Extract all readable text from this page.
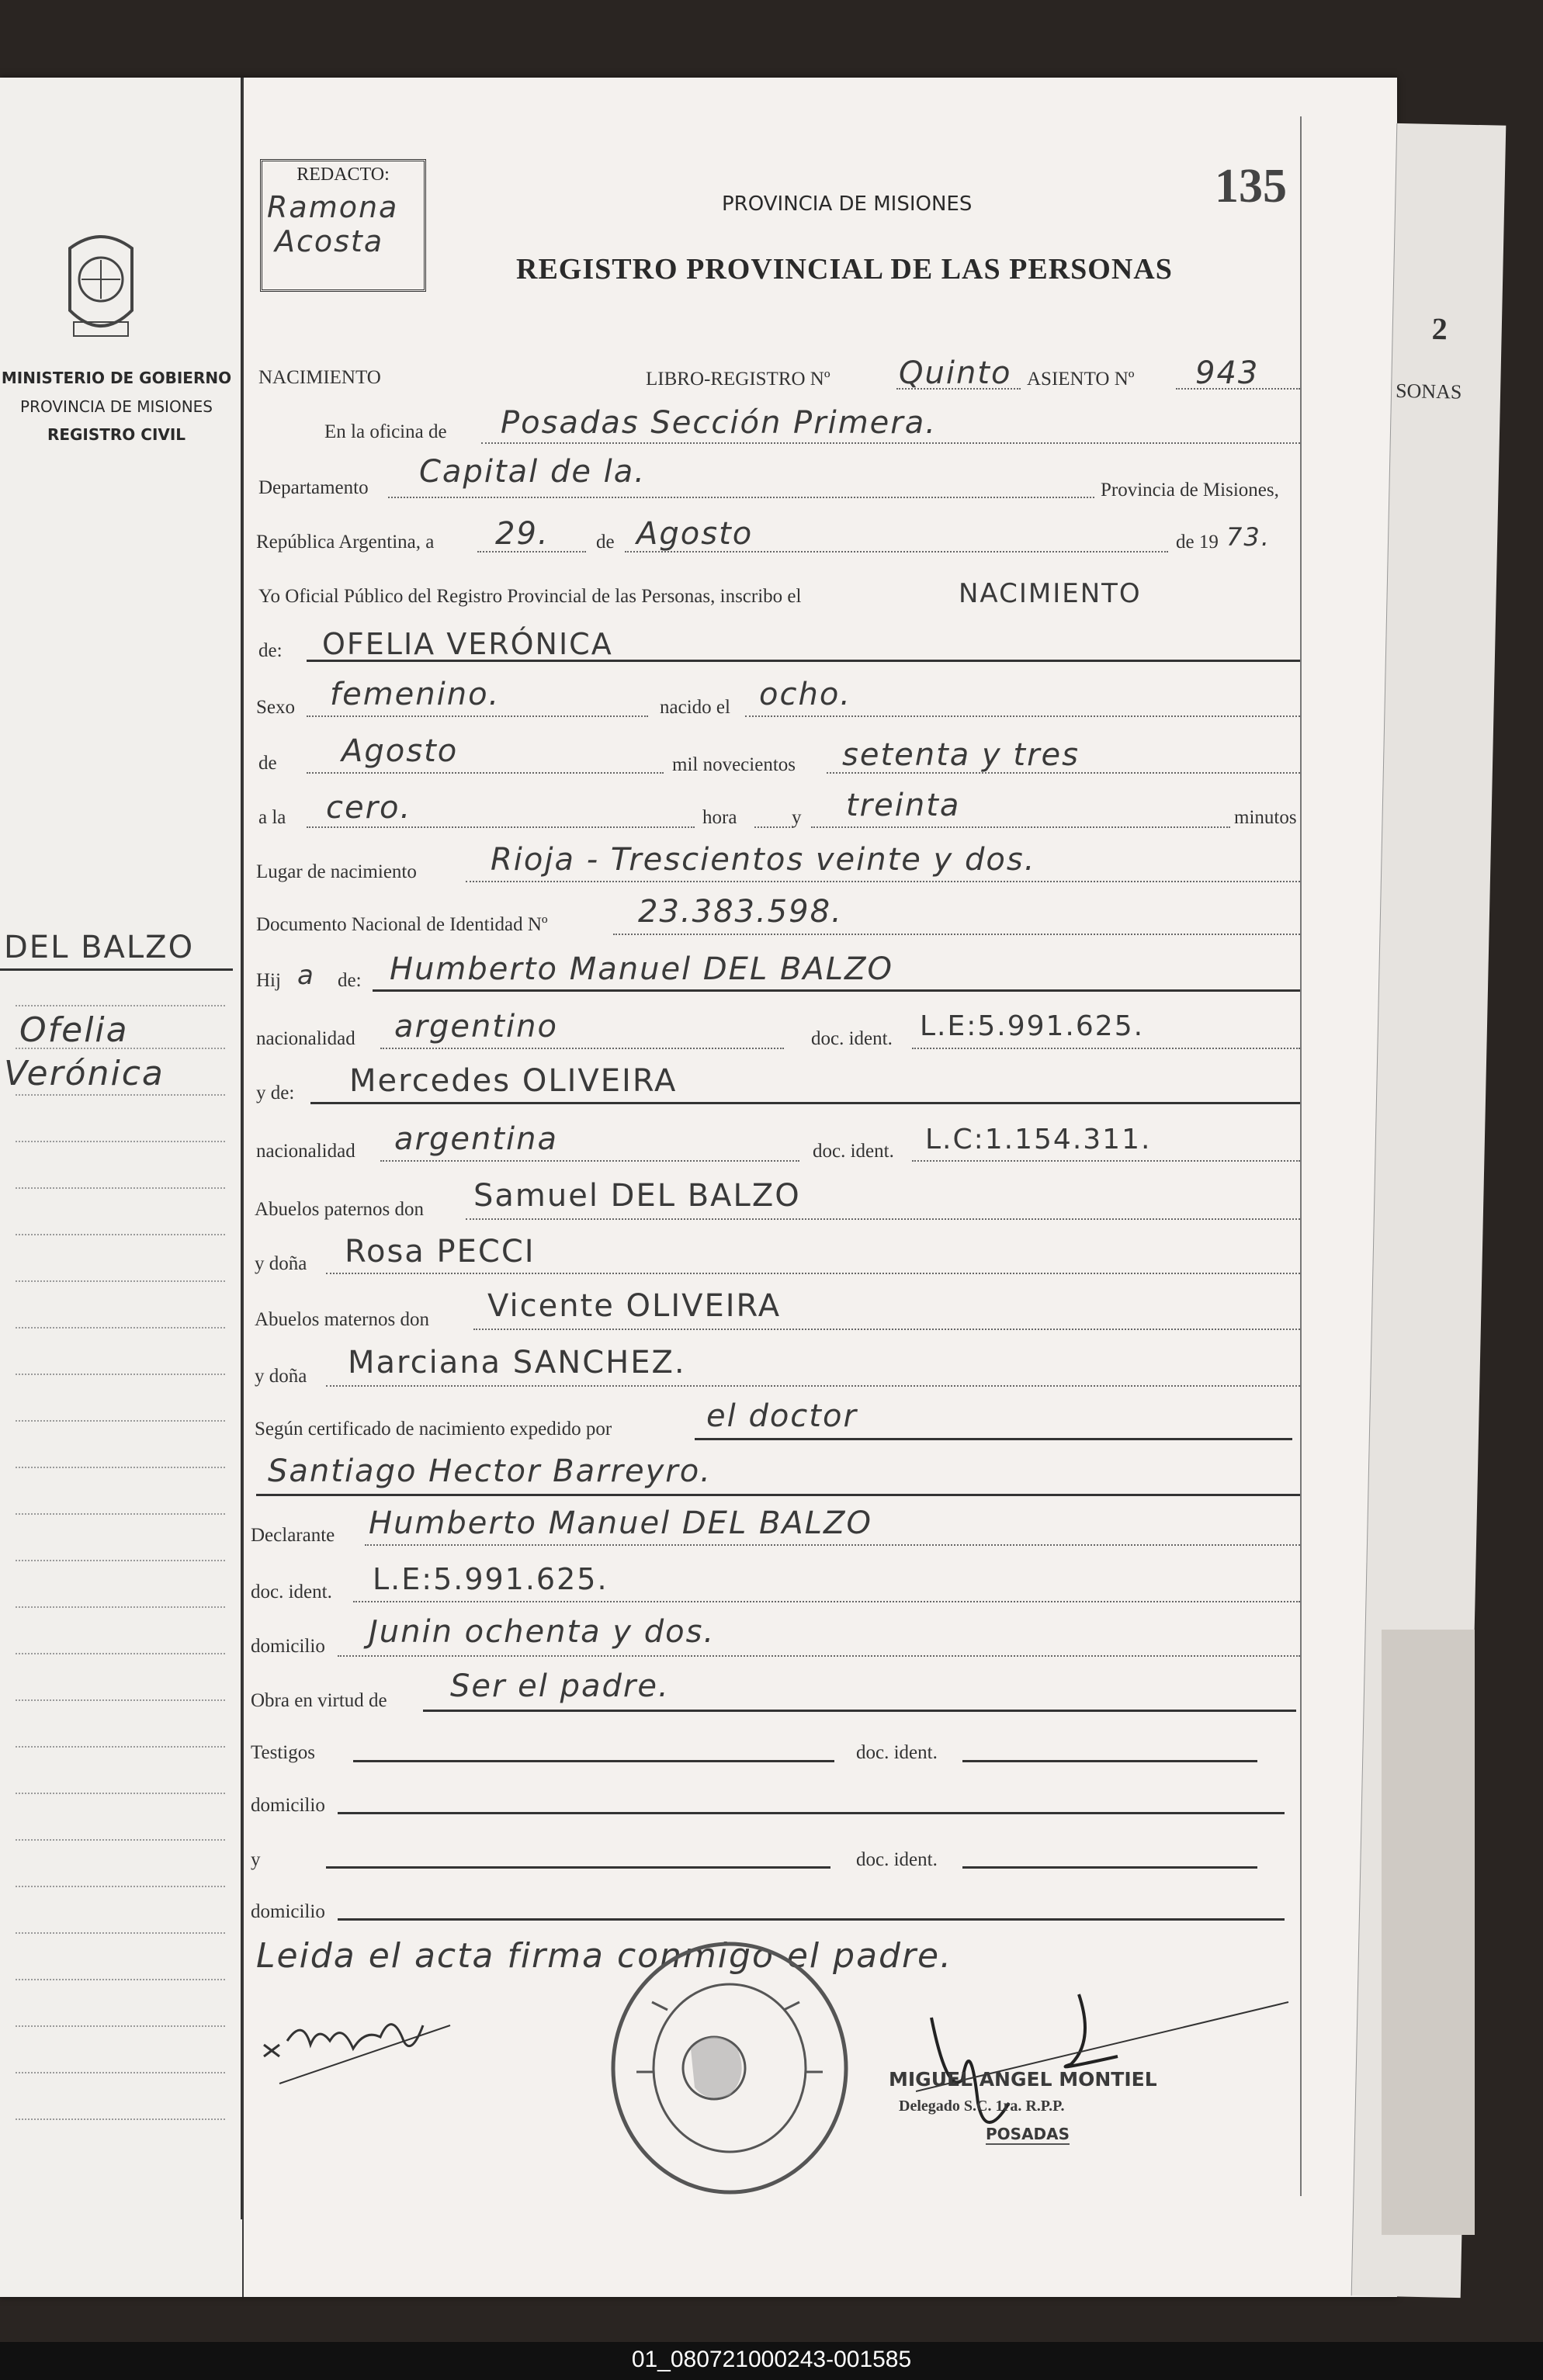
SONAS
2
MINISTERIO DE GOBIERNO
PROVINCIA DE MISIONES
REGISTRO CIVIL
DEL BALZO
Ofelia
Verónica
REDACTO:
Ramona
Acosta
PROVINCIA DE MISIONES
REGISTRO PROVINCIAL DE LAS PERSONAS
135
NACIMIENTO	LIBRO-REGISTRO Nº Quinto ASIENTO Nº 943
En la oficina de Posadas Sección Primera.
Departamento Capital de la.
Provincia de Misiones,
República Argentina, a 29. de Agosto	de 19 73.
Yo Oficial Público del Registro Provincial de las Personas, inscribo el	NACIMIENTO
de: OFELIA VERÓNICA
Sexo femenino.	nacido el ocho.
de Agosto	mil novecientos setenta y tres
a la cero.	hora	y treinta	minutos
Lugar de nacimiento Rioja - Trescientos veinte y dos.
Documento Nacional de Identidad Nº	23.383.598.
Hij a de: Humberto Manuel DEL BALZO
nacionalidad argentino	doc. ident. L.E:5.991.625.
y de: Mercedes OLIVEIRA
nacionalidad argentina	doc. ident. L.C:1.154.311.
Abuelos paternos don Samuel DEL BALZO
y doña Rosa PECCI
Abuelos maternos don Vicente OLIVEIRA
y doña Marciana SANCHEZ.
Según certificado de nacimiento expedido por	el doctor
Santiago Hector Barreyro.
Declarante Humberto Manuel DEL BALZO
doc. ident. L.E:5.991.625.
domicilio Junin ochenta y dos.
Obra en virtud de Ser el padre.
Testigos	doc. ident.
domicilio
y	doc. ident.
domicilio
Leida el acta firma conmigo el padre.
MIGUEL ANGEL MONTIEL
Delegado S.C. 1ra. R.P.P.
POSADAS
01_080721000243-001585
